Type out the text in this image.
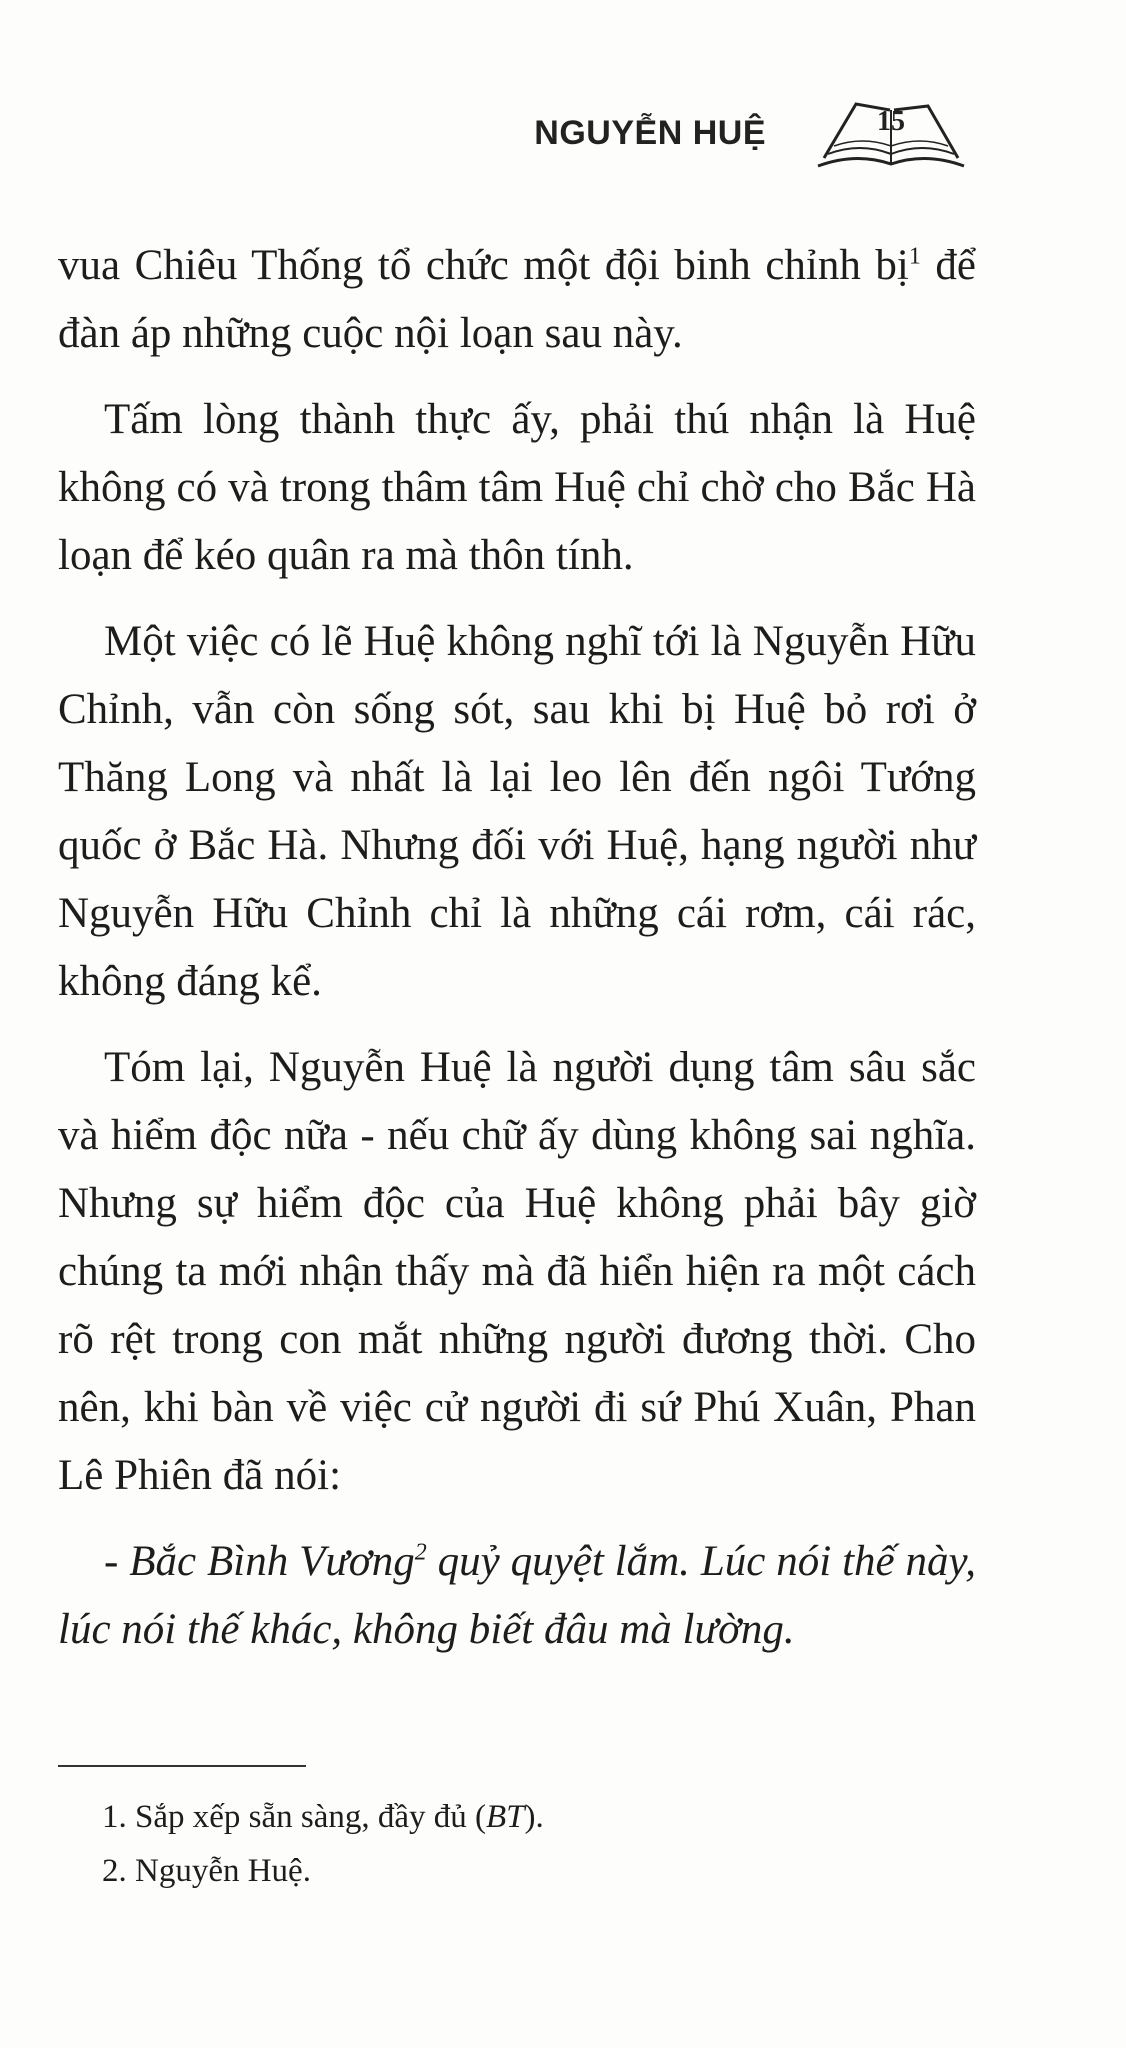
NGUYỄN HUỆ	15

vua Chiêu Thống tổ chức một đội binh chỉnh bị$^1$ để đàn áp những cuộc nội loạn sau này.

Tấm lòng thành thực ấy, phải thú nhận là Huệ không có và trong thâm tâm Huệ chỉ chờ cho Bắc Hà loạn để kéo quân ra mà thôn tính.

Một việc có lẽ Huệ không nghĩ tới là Nguyễn Hữu Chỉnh, vẫn còn sống sót, sau khi bị Huệ bỏ rơi ở Thăng Long và nhất là lại leo lên đến ngôi Tướng quốc ở Bắc Hà. Nhưng đối với Huệ, hạng người như Nguyễn Hữu Chỉnh chỉ là những cái rơm, cái rác, không đáng kể.

Tóm lại, Nguyễn Huệ là người dụng tâm sâu sắc và hiểm độc nữa - nếu chữ ấy dùng không sai nghĩa. Nhưng sự hiểm độc của Huệ không phải bây giờ chúng ta mới nhận thấy mà đã hiển hiện ra một cách rõ rệt trong con mắt những người đương thời. Cho nên, khi bàn về việc cử người đi sứ Phú Xuân, Phan Lê Phiên đã nói:

- Bắc Bình Vương$^2$ quỷ quyệt lắm. Lúc nói thế này, lúc nói thế khác, không biết đâu mà lường.

1. Sắp xếp sẵn sàng, đầy đủ (BT).

2. Nguyễn Huệ.
